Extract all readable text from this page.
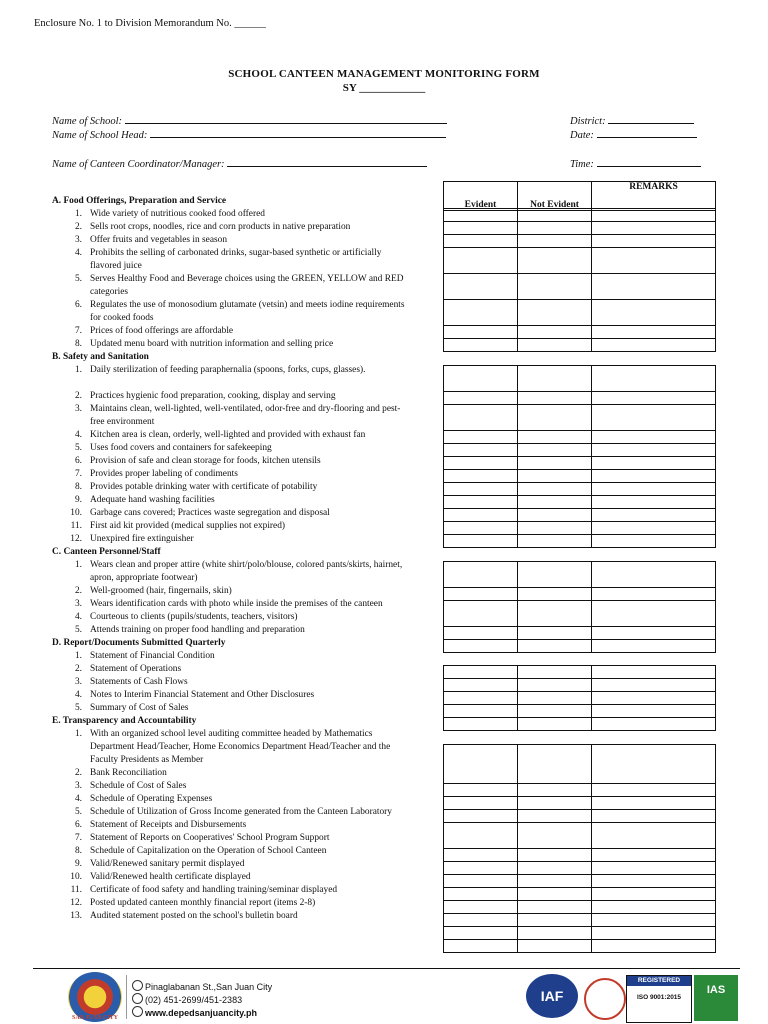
Enclosure No. 1 to Division Memorandum No. ______
SCHOOL CANTEEN MANAGEMENT MONITORING FORM
SY ____________
Name of School:
Name of School Head:
Name of Canteen Coordinator/Manager:
District:
Date:
Time:
Evident	Not Evident	REMARKS
A. Food Offerings, Preparation and Service
1. Wide variety of nutritious cooked food offered
2. Sells root crops, noodles, rice and corn products in native preparation
3. Offer fruits and vegetables in season
4. Prohibits the selling of carbonated drinks, sugar-based synthetic or artificially flavored juice
5. Serves Healthy Food and Beverage choices using the GREEN, YELLOW and RED categories
6. Regulates the use of monosodium glutamate (vetsin) and meets iodine requirements for cooked foods
7. Prices of food offerings are affordable
8. Updated menu board with nutrition information and selling price
B. Safety and Sanitation
1. Daily sterilization of feeding paraphernalia (spoons, forks, cups, glasses).
2. Practices hygienic food preparation, cooking, display and serving
3. Maintains clean, well-lighted, well-ventilated, odor-free and dry-flooring and pest-free environment
4. Kitchen area is clean, orderly, well-lighted and provided with exhaust fan
5. Uses food covers and containers for safekeeping
6. Provision of safe and clean storage for foods, kitchen utensils
7. Provides proper labeling of condiments
8. Provides potable drinking water with certificate of potability
9. Adequate hand washing facilities
10. Garbage cans covered; Practices waste segregation and disposal
11. First aid kit provided (medical supplies not expired)
12. Unexpired fire extinguisher
C. Canteen Personnel/Staff
1. Wears clean and proper attire (white shirt/polo/blouse, colored pants/skirts, hairnet, apron, appropriate footwear)
2. Well-groomed (hair, fingernails, skin)
3. Wears identification cards with photo while inside the premises of the canteen
4. Courteous to clients (pupils/students, teachers, visitors)
5. Attends training on proper food handling and preparation
D. Report/Documents Submitted Quarterly
1. Statement of Financial Condition
2. Statement of Operations
3. Statements of Cash Flows
4. Notes to Interim Financial Statement and Other Disclosures
5. Summary of Cost of Sales
E. Transparency and Accountability
1. With an organized school level auditing committee headed by Mathematics Department Head/Teacher, Home Economics Department Head/Teacher and the Faculty Presidents as Member
2. Bank Reconciliation
3. Schedule of Cost of Sales
4. Schedule of Operating Expenses
5. Schedule of Utilization of Gross Income generated from the Canteen Laboratory
6. Statement of Receipts and Disbursements
7. Statement of Reports on Cooperatives' School Program Support
8. Schedule of Capitalization on the Operation of School Canteen
9. Valid/Renewed sanitary permit displayed
10. Valid/Renewed health certificate displayed
11. Certificate of food safety and handling training/seminar displayed
12. Posted updated canteen monthly financial report (items 2-8)
13. Audited statement posted on the school's bulletin board

SAN JUAN CITY
Pinaglabanan St.,San Juan City
(02) 451-2699/451-2383
www.depedsanjuancity.ph
IAF
REGISTERED
ISO 9001:2015
IAS
